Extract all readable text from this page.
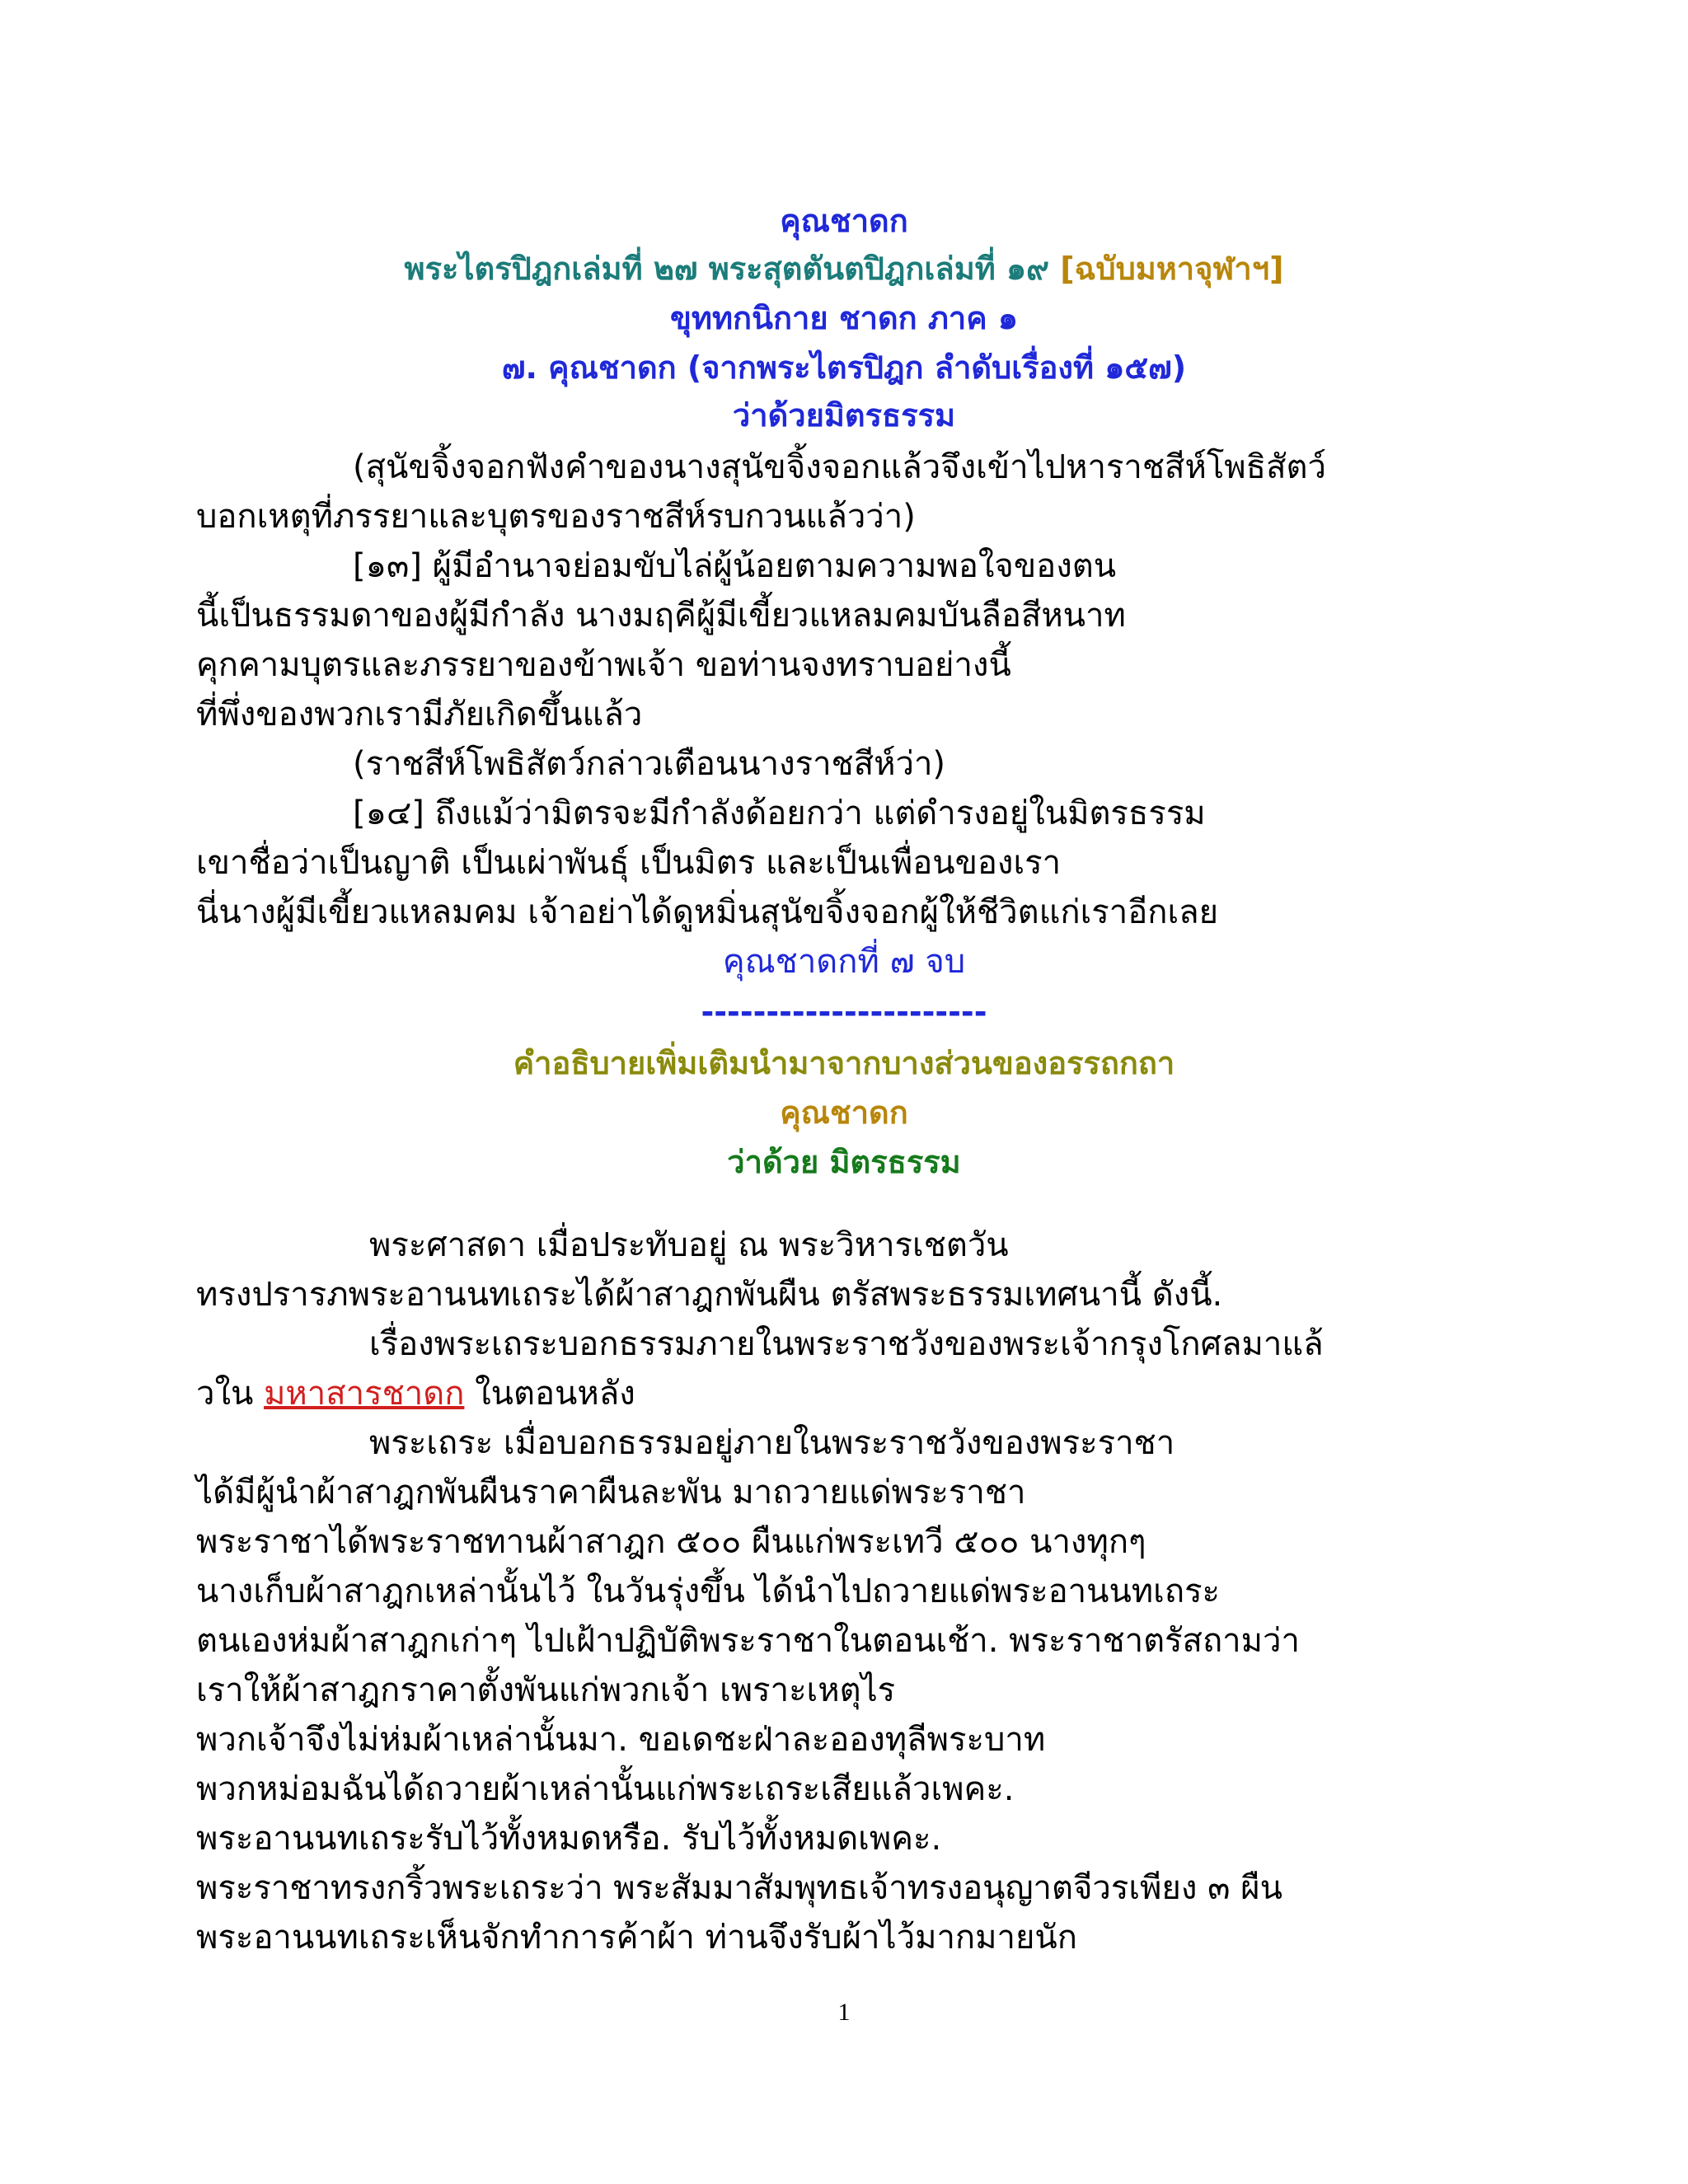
คุณชาดก
พระไตรปิฎกเล่มที่ ๒๗ พระสุตตันตปิฎกเล่มที่ ๑๙ [ฉบับมหาจุฬาฯ]
ขุททกนิกาย ชาดก ภาค ๑
๗. คุณชาดก (จากพระไตรปิฎก ลำดับเรื่องที่ ๑๕๗)
ว่าด้วยมิตรธรรม
(สุนัขจิ้งจอกฟังคำของนางสุนัขจิ้งจอกแล้วจึงเข้าไปหาราชสีห์โพธิสัตว์
บอกเหตุที่ภรรยาและบุตรของราชสีห์รบกวนแล้วว่า)
[๑๓] ผู้มีอำนาจย่อมขับไล่ผู้น้อยตามความพอใจของตน
นี้เป็นธรรมดาของผู้มีกำลัง นางมฤคีผู้มีเขี้ยวแหลมคมบันลือสีหนาท
คุกคามบุตรและภรรยาของข้าพเจ้า ขอท่านจงทราบอย่างนี้
ที่พึ่งของพวกเรามีภัยเกิดขึ้นแล้ว
(ราชสีห์โพธิสัตว์กล่าวเตือนนางราชสีห์ว่า)
[๑๔] ถึงแม้ว่ามิตรจะมีกำลังด้อยกว่า แต่ดำรงอยู่ในมิตรธรรม
เขาชื่อว่าเป็นญาติ เป็นเผ่าพันธุ์ เป็นมิตร และเป็นเพื่อนของเรา
นี่นางผู้มีเขี้ยวแหลมคม เจ้าอย่าได้ดูหมิ่นสุนัขจิ้งจอกผู้ให้ชีวิตแก่เราอีกเลย
คุณชาดกที่ ๗ จบ
----------------------
คำอธิบายเพิ่มเติมนำมาจากบางส่วนของอรรถกถา
คุณชาดก
ว่าด้วย มิตรธรรม
พระศาสดา เมื่อประทับอยู่ ณ พระวิหารเชตวัน
ทรงปรารภพระอานนทเถระได้ผ้าสาฎกพันผืน ตรัสพระธรรมเทศนานี้ ดังนี้.
เรื่องพระเถระบอกธรรมภายในพระราชวังของพระเจ้ากรุงโกศลมาแล้
วใน มหาสารชาดก ในตอนหลัง
พระเถระ เมื่อบอกธรรมอยู่ภายในพระราชวังของพระราชา
ได้มีผู้นำผ้าสาฎกพันผืนราคาผืนละพัน มาถวายแด่พระราชา
พระราชาได้พระราชทานผ้าสาฎก ๕๐๐ ผืนแก่พระเทวี ๕๐๐ นางทุกๆ
นางเก็บผ้าสาฎกเหล่านั้นไว้ ในวันรุ่งขึ้น ได้นำไปถวายแด่พระอานนทเถระ
ตนเองห่มผ้าสาฎกเก่าๆ ไปเฝ้าปฏิบัติพระราชาในตอนเช้า. พระราชาตรัสถามว่า
เราให้ผ้าสาฎกราคาตั้งพันแก่พวกเจ้า เพราะเหตุไร
พวกเจ้าจึงไม่ห่มผ้าเหล่านั้นมา. ขอเดชะฝ่าละอองทุลีพระบาท
พวกหม่อมฉันได้ถวายผ้าเหล่านั้นแก่พระเถระเสียแล้วเพคะ.
พระอานนทเถระรับไว้ทั้งหมดหรือ. รับไว้ทั้งหมดเพคะ.
พระราชาทรงกริ้วพระเถระว่า พระสัมมาสัมพุทธเจ้าทรงอนุญาตจีวรเพียง ๓ ผืน
พระอานนทเถระเห็นจักทำการค้าผ้า ท่านจึงรับผ้าไว้มากมายนัก
1
